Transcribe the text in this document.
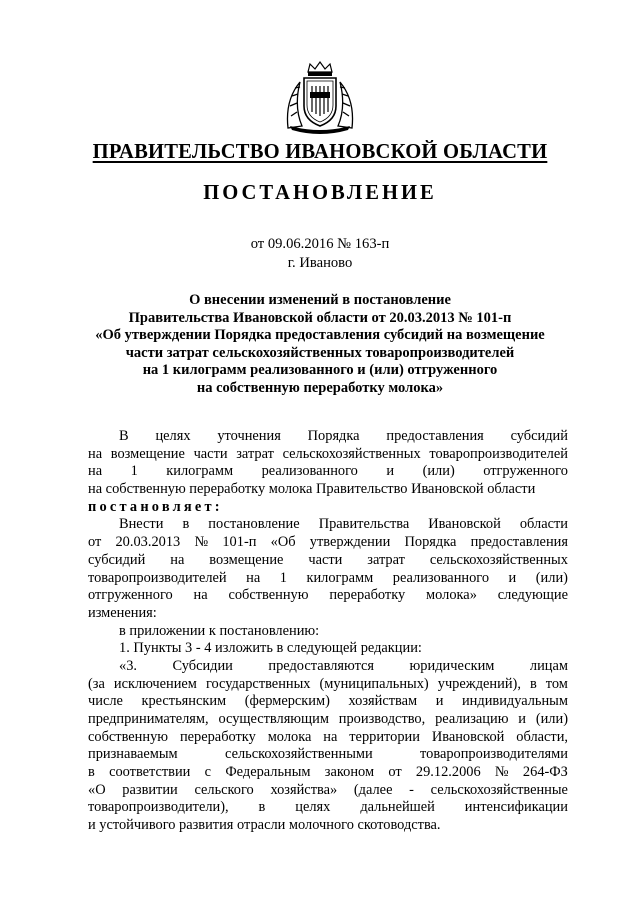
ПРАВИТЕЛЬСТВО ИВАНОВСКОЙ ОБЛАСТИ
ПОСТАНОВЛЕНИЕ
от 09.06.2016 № 163-п
г. Иваново
О внесении изменений в постановление
Правительства Ивановской области от 20.03.2013 № 101-п
«Об утверждении Порядка предоставления субсидий на возмещение
части затрат сельскохозяйственных товаропроизводителей
на 1 килограмм реализованного и (или) отгруженного
на собственную переработку молока»
В целях уточнения Порядка предоставления субсидий
на возмещение части затрат сельскохозяйственных товаропроизводителей
на 1 килограмм реализованного и (или) отгруженного
на собственную переработку молока Правительство Ивановской области
постановляет:
Внести в постановление Правительства Ивановской области
от 20.03.2013 № 101-п «Об утверждении Порядка предоставления
субсидий на возмещение части затрат сельскохозяйственных
товаропроизводителей на 1 килограмм реализованного и (или)
отгруженного на собственную переработку молока» следующие
изменения:
в приложении к постановлению:
1. Пункты 3 - 4 изложить в следующей редакции:
«3. Субсидии предоставляются юридическим лицам
(за исключением государственных (муниципальных) учреждений), в том
числе крестьянским (фермерским) хозяйствам и индивидуальным
предпринимателям, осуществляющим производство, реализацию и (или)
собственную переработку молока на территории Ивановской области,
признаваемым	сельскохозяйственными	товаропроизводителями
в соответствии с Федеральным законом от 29.12.2006 № 264-ФЗ
«О развитии сельского хозяйства» (далее - сельскохозяйственные
товаропроизводители), в целях дальнейшей интенсификации
и устойчивого развития отрасли молочного скотоводства.
